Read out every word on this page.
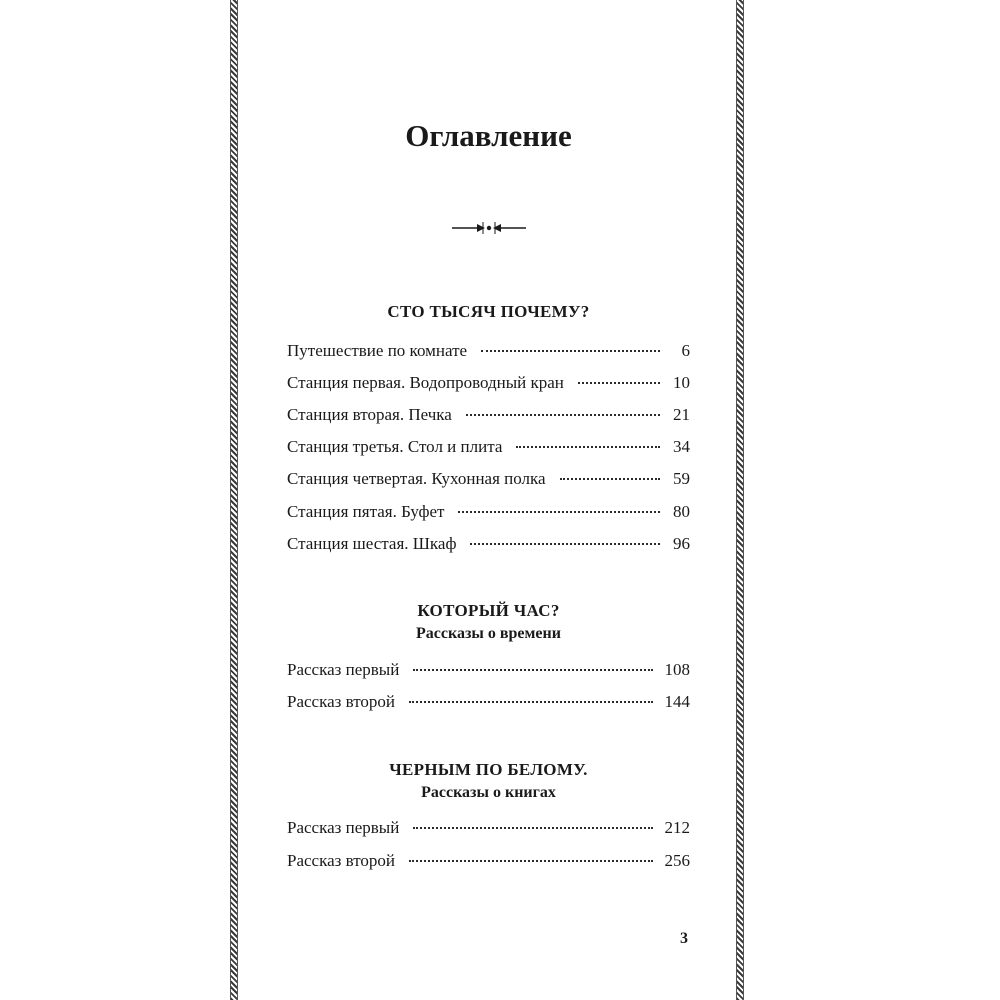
Оглавление
СТО ТЫСЯЧ ПОЧЕМУ?
Путешествие по комнате	6
Станция первая. Водопроводный кран	10
Станция вторая. Печка	21
Станция третья. Стол и плита	34
Станция четвертая. Кухонная полка	59
Станция пятая. Буфет	80
Станция шестая. Шкаф	96
КОТОРЫЙ ЧАС?
Рассказы о времени
Рассказ первый	108
Рассказ второй	144
ЧЕРНЫМ ПО БЕЛОМУ.
Рассказы о книгах
Рассказ первый	212
Рассказ второй	256
3
